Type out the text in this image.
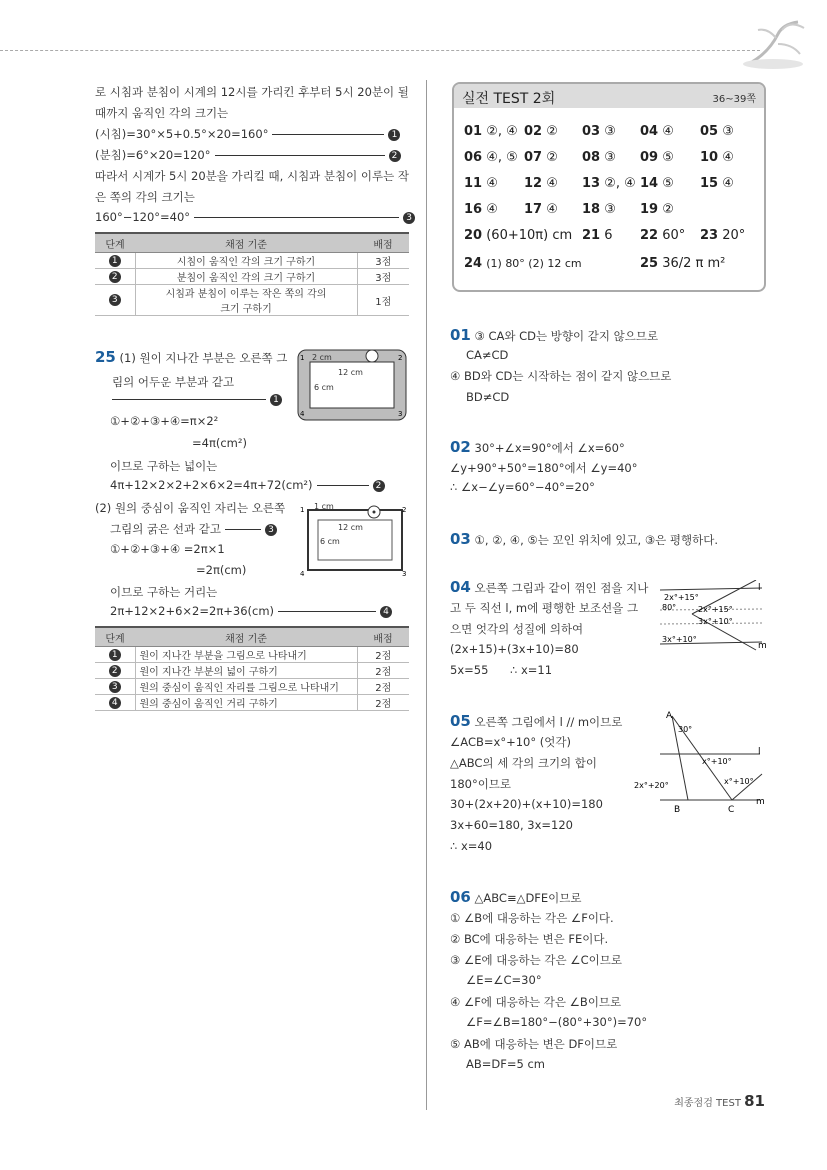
로 시침과 분침이 시계의 12시를 가리킨 후부터 5시 20분이 될
때까지 움직인 각의 크기는
(시침)=30°×5+0.5°×20=160°	1
(분침)=6°×20=120°	2
따라서 시계가 5시 20분을 가리킬 때, 시침과 분침이 이루는 작
은 쪽의 각의 크기는
160°−120°=40°	3
단계	채점 기준	배점
1	시침이 움직인 각의 크기 구하기	3점
2	분침이 움직인 각의 크기 구하기	3점
3	시침과 분침이 이루는 작은 쪽의 각의 크기 구하기	1점
25 (1) 원이 지나간 부분은 오른쪽 그
림의 어두운 부분과 같고
1
①+②+③+④=π×2²
=4π(cm²)
이므로 구하는 넓이는
4π+12×2×2+2×6×2=4π+72(cm²)	2
(2) 원의 중심이 움직인 자리는 오른쪽
그림의 굵은 선과 같고	3
①+②+③+④ =2π×1
=2π(cm)
이므로 구하는 거리는
2π+12×2+6×2=2π+36(cm)	4
2 cm
12 cm
6 cm
1	2
3
4
1 cm
12 cm
6 cm
1	2
3
4
단계	채점 기준	배점
1	원이 지나간 부분을 그림으로 나타내기	2점
2	원이 지나간 부분의 넓이 구하기	2점
3	원의 중심이 움직인 자리를 그림으로 나타내기	2점
4	원의 중심이 움직인 거리 구하기	2점
실전 TEST 2회	36~39쪽
01 ②, ④ 02 ② 03 ③ 04 ④ 05 ③
06 ④, ⑤ 07 ② 08 ③ 09 ⑤ 10 ④
11 ④ 12 ④ 13 ②, ④ 14 ⑤ 15 ④
16 ④ 17 ④ 18 ③ 19 ②
20 (60+10π) cm 21 6 22 60° 23 20°
24 (1) 80° (2) 12 cm	25 36/2 π m²
01 ③ CA와 CD는 방향이 같지 않으므로
CA≠CD
④ BD와 CD는 시작하는 점이 같지 않으므로
BD≠CD
02 30°+∠x=90°에서 ∠x=60°
∠y+90°+50°=180°에서 ∠y=40°
∴ ∠x−∠y=60°−40°=20°
03 ①, ②, ④, ⑤는 꼬인 위치에 있고, ③은 평행하다.
04 오른쪽 그림과 같이 꺾인 점을 지나
고 두 직선 l, m에 평행한 보조선을 그
으면 엇각의 성질에 의하여
(2x+15)+(3x+10)=80
5x=55 ∴ x=11
l
m
2x°+15°
80°	2x°+15°
3x°+10°
3x°+10°
05 오른쪽 그림에서 l // m이므로
∠ACB=x°+10° (엇각)
△ABC의 세 각의 크기의 합이
180°이므로
30+(2x+20)+(x+10)=180
3x+60=180, 3x=120
∴ x=40
A
B	C
30°
x°+10°
2x°+20°	x°+10°
l
m
06 △ABC≡△DFE이므로
① ∠B에 대응하는 각은 ∠F이다.
② BC에 대응하는 변은 FE이다.
③ ∠E에 대응하는 각은 ∠C이므로
∠E=∠C=30°
④ ∠F에 대응하는 각은 ∠B이므로
∠F=∠B=180°−(80°+30°)=70°
⑤ AB에 대응하는 변은 DF이므로
AB=DF=5 cm
최종점검 TEST 81
